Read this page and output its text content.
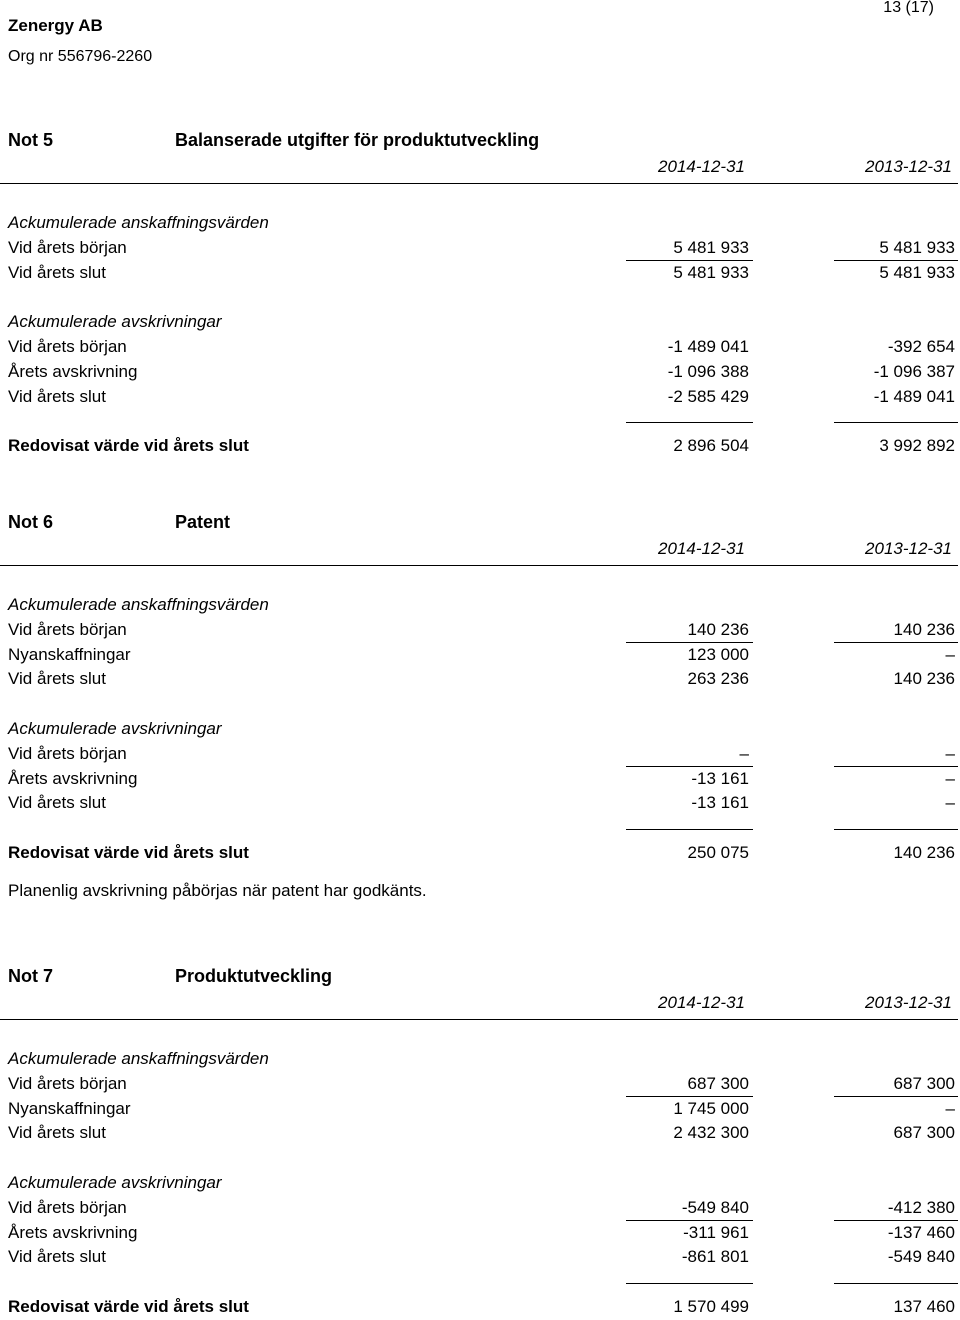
Zenergy AB
Org nr 556796-2260
13 (17)
Not 5	Balanserade utgifter för produktutveckling
2014-12-31	2013-12-31
Not 6	Patent
2014-12-31	2013-12-31
Not 7	Produktutveckling
2014-12-31	2013-12-31
Ackumulerade anskaffningsvärden
Vid årets början	5 481 933	5 481 933
Vid årets slut	5 481 933	5 481 933
Ackumulerade avskrivningar
Vid årets början	-1 489 041	-392 654
Årets avskrivning	-1 096 388	-1 096 387
Vid årets slut	-2 585 429	-1 489 041
Redovisat värde vid årets slut	2 896 504	3 992 892
Ackumulerade anskaffningsvärden
Vid årets början	140 236	140 236
Nyanskaffningar	123 000	–
Vid årets slut	263 236	140 236
Ackumulerade avskrivningar
Vid årets början	–	–
Årets avskrivning	-13 161	–
Vid årets slut	-13 161	–
Redovisat värde vid årets slut	250 075	140 236
Planenlig avskrivning påbörjas när patent har godkänts.
Ackumulerade anskaffningsvärden
Vid årets början	687 300	687 300
Nyanskaffningar	1 745 000	–
Vid årets slut	2 432 300	687 300
Ackumulerade avskrivningar
Vid årets början	-549 840	-412 380
Årets avskrivning	-311 961	-137 460
Vid årets slut	-861 801	-549 840
Redovisat värde vid årets slut	1 570 499	137 460
